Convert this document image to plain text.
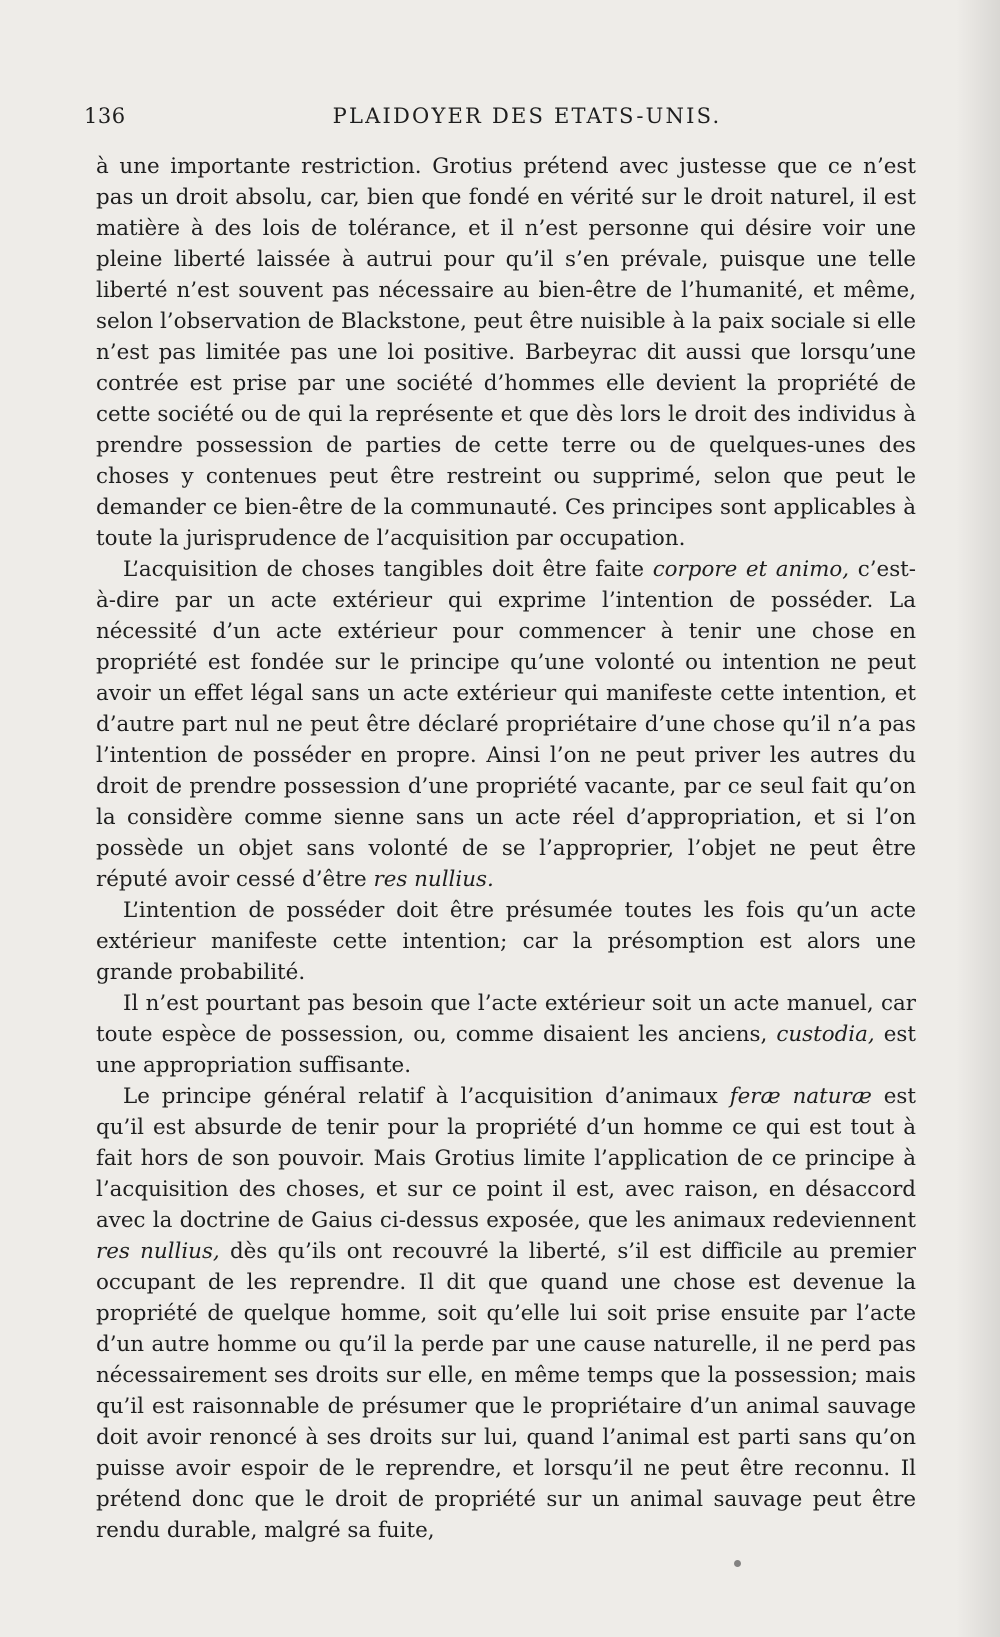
136	PLAIDOYER DES ETATS-UNIS.

à une importante restriction. Grotius prétend avec justesse que ce n’est pas un droit absolu, car, bien que fondé en vérité sur le droit naturel, il est matière à des lois de tolérance, et il n’est personne qui désire voir une pleine liberté laissée à autrui pour qu’il s’en prévale, puisque une telle liberté n’est souvent pas nécessaire au bien-être de l’humanité, et même, selon l’observation de Blackstone, peut être nuisible à la paix sociale si elle n’est pas limitée pas une loi positive. Barbeyrac dit aussi que lorsqu’une contrée est prise par une société d’hommes elle devient la propriété de cette société ou de qui la représente et que dès lors le droit des individus à prendre possession de parties de cette terre ou de quelques-unes des choses y contenues peut être restreint ou supprimé, selon que peut le demander ce bien-être de la communauté. Ces principes sont applicables à toute la jurisprudence de l’acquisition par occupation.

L’acquisition de choses tangibles doit être faite corpore et animo, c’est-à-dire par un acte extérieur qui exprime l’intention de posséder. La nécessité d’un acte extérieur pour commencer à tenir une chose en propriété est fondée sur le principe qu’une volonté ou intention ne peut avoir un effet légal sans un acte extérieur qui manifeste cette intention, et d’autre part nul ne peut être déclaré propriétaire d’une chose qu’il n’a pas l’intention de posséder en propre. Ainsi l’on ne peut priver les autres du droit de prendre possession d’une propriété vacante, par ce seul fait qu’on la considère comme sienne sans un acte réel d’appropriation, et si l’on possède un objet sans volonté de se l’approprier, l’objet ne peut être réputé avoir cessé d’être res nullius.

L’intention de posséder doit être présumée toutes les fois qu’un acte extérieur manifeste cette intention; car la présomption est alors une grande probabilité.

Il n’est pourtant pas besoin que l’acte extérieur soit un acte manuel, car toute espèce de possession, ou, comme disaient les anciens, custodia, est une appropriation suffisante.

Le principe général relatif à l’acquisition d’animaux feræ naturæ est qu’il est absurde de tenir pour la propriété d’un homme ce qui est tout à fait hors de son pouvoir. Mais Grotius limite l’application de ce principe à l’acquisition des choses, et sur ce point il est, avec raison, en désaccord avec la doctrine de Gaius ci-dessus exposée, que les animaux redeviennent res nullius, dès qu’ils ont recouvré la liberté, s’il est difficile au premier occupant de les reprendre. Il dit que quand une chose est devenue la propriété de quelque homme, soit qu’elle lui soit prise ensuite par l’acte d’un autre homme ou qu’il la perde par une cause naturelle, il ne perd pas nécessairement ses droits sur elle, en même temps que la possession; mais qu’il est raisonnable de présumer que le propriétaire d’un animal sauvage doit avoir renoncé à ses droits sur lui, quand l’animal est parti sans qu’on puisse avoir espoir de le reprendre, et lorsqu’il ne peut être reconnu. Il prétend donc que le droit de propriété sur un animal sauvage peut être rendu durable, malgré sa fuite,
